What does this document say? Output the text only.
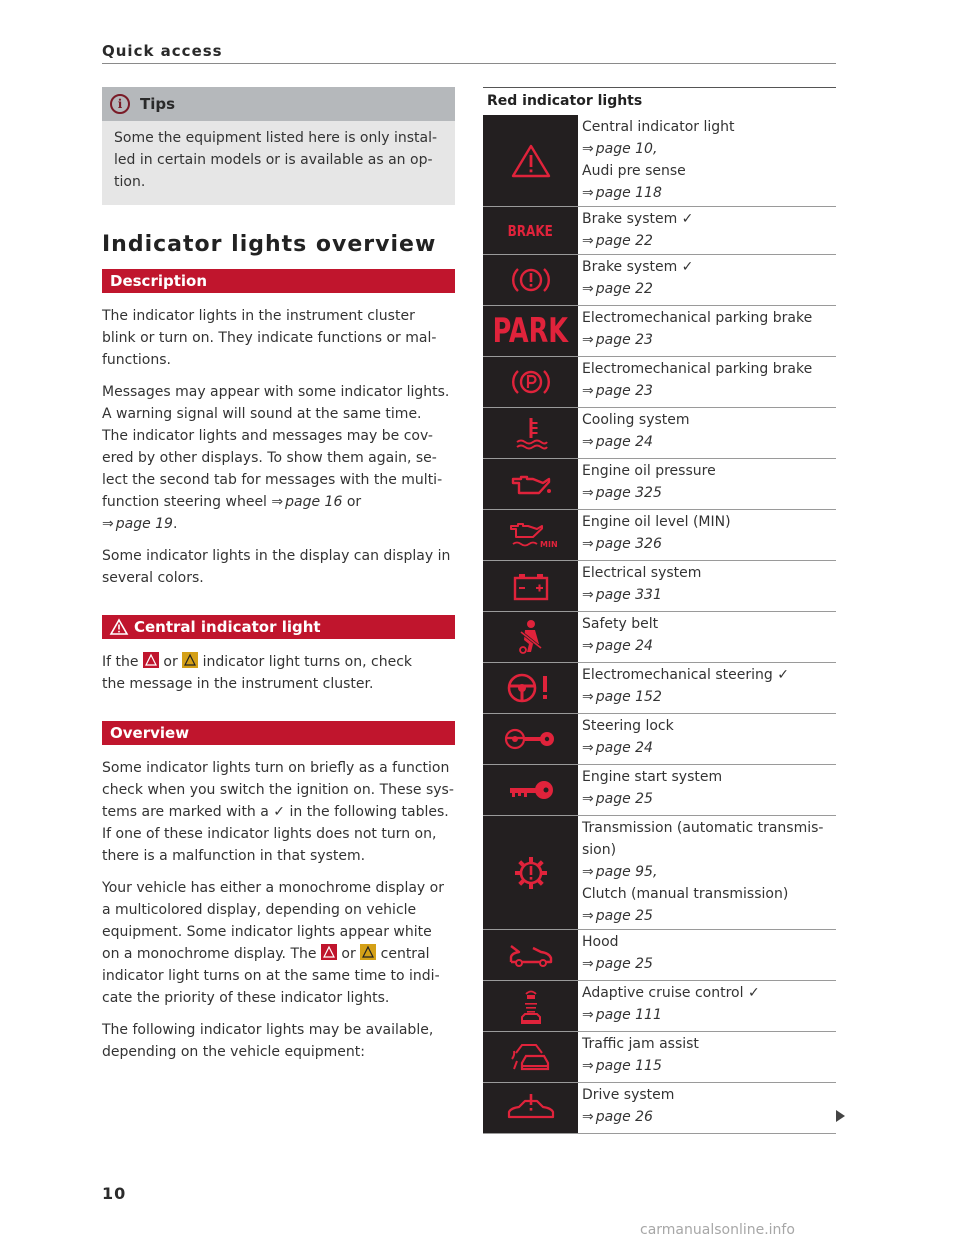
Quick access
i	Tips
Some the equipment listed here is only instal-
led in certain models or is available as an op-
tion.
Indicator lights overview
Description
The indicator lights in the instrument cluster
blink or turn on. They indicate functions or mal-
functions.
Messages may appear with some indicator lights.
A warning signal will sound at the same time.
The indicator lights and messages may be cov-
ered by other displays. To show them again, se-
lect the second tab for messages with the multi-
function steering wheel ⇒ page 16 or
⇒ page 19.
Some indicator lights in the display can display in
several colors.
Central indicator light
If the
or
indicator light turns on, check
the message in the instrument cluster.
Overview
Some indicator lights turn on briefly as a function
check when you switch the ignition on. These sys-
tems are marked with a ✓ in the following tables.
If one of these indicator lights does not turn on,
there is a malfunction in that system.
Your vehicle has either a monochrome display or
a multicolored display, depending on vehicle
equipment. Some indicator lights appear white
on a monochrome display. The
or
central
indicator light turns on at the same time to indi-
cate the priority of these indicator lights.
The following indicator lights may be available,
depending on the vehicle equipment:
10
Red indicator lights
Central indicator light
⇒ page 10,
Audi pre sense
⇒ page 118
BRAKE
Brake system ✓
⇒ page 22
Brake system ✓
⇒ page 22
PARK Electromechanical parking brake
⇒ page 23
Electromechanical parking brake
⇒ page 23
Cooling system
⇒ page 24
Engine oil pressure
⇒ page 325
MIN
Engine oil level (MIN)
⇒ page 326
Electrical system
⇒ page 331
Safety belt
⇒ page 24
Electromechanical steering ✓
⇒ page 152
Steering lock
⇒ page 24
Engine start system
⇒ page 25
Transmission (automatic transmis-
sion)
⇒ page 95,
Clutch (manual transmission)
⇒ page 25
Hood
⇒ page 25
Adaptive cruise control ✓
⇒ page 111
Traffic jam assist
⇒ page 115
Drive system
⇒ page 26
carmanualsonline.info
